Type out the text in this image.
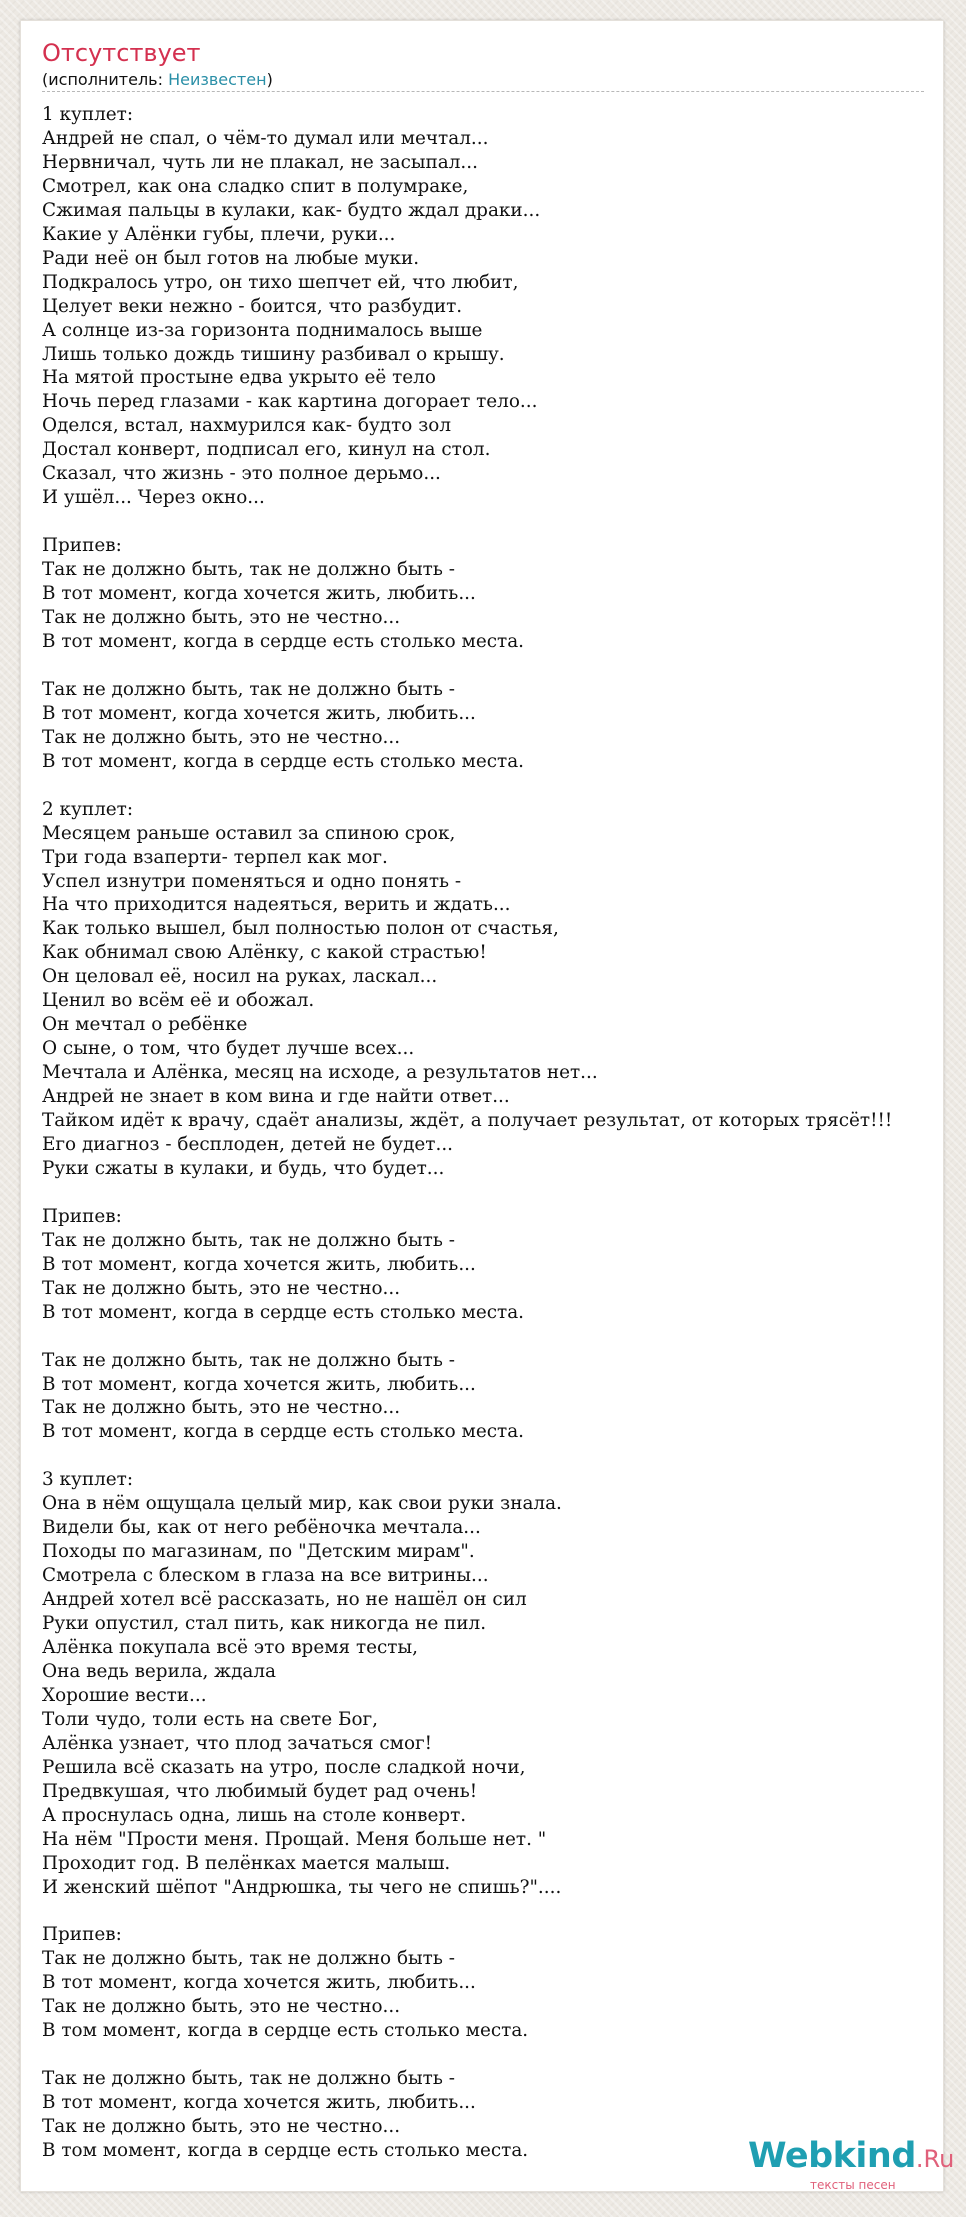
Отсутствует
(исполнитель: Неизвестен)
1 куплет:
Андрей не спал, о чём-то думал или мечтал...
Нервничал, чуть ли не плакал, не засыпал...
Смотрел, как она сладко спит в полумраке,
Сжимая пальцы в кулаки, как- будто ждал драки...
Какие у Алёнки губы, плечи, руки...
Ради неё он был готов на любые муки.
Подкралось утро, он тихо шепчет ей, что любит,
Целует веки нежно - боится, что разбудит.
А солнце из-за горизонта поднималось выше
Лишь только дождь тишину разбивал о крышу.
На мятой простыне едва укрыто её тело
Ночь перед глазами - как картина догорает тело...
Оделся, встал, нахмурился как- будто зол
Достал конверт, подписал его, кинул на стол.
Сказал, что жизнь - это полное дерьмо...
И ушёл... Через окно...

Припев:
Так не должно быть, так не должно быть -
В тот момент, когда хочется жить, любить...
Так не должно быть, это не честно...
В тот момент, когда в сердце есть столько места.

Так не должно быть, так не должно быть -
В тот момент, когда хочется жить, любить...
Так не должно быть, это не честно...
В тот момент, когда в сердце есть столько места.

2 куплет:
Месяцем раньше оставил за спиною срок,
Три года взаперти- терпел как мог.
Успел изнутри поменяться и одно понять -
На что приходится надеяться, верить и ждать...
Как только вышел, был полностью полон от счастья,
Как обнимал свою Алёнку, с какой страстью!
Он целовал её, носил на руках, ласкал...
Ценил во всём её и обожал.
Он мечтал о ребёнке
О сыне, о том, что будет лучше всех...
Мечтала и Алёнка, месяц на исходе, а результатов нет...
Андрей не знает в ком вина и где найти ответ...
Тайком идёт к врачу, сдаёт анализы, ждёт, а получает результат, от которых трясёт!!!
Его диагноз - бесплоден, детей не будет...
Руки сжаты в кулаки, и будь, что будет...

Припев:
Так не должно быть, так не должно быть -
В тот момент, когда хочется жить, любить...
Так не должно быть, это не честно...
В тот момент, когда в сердце есть столько места.

Так не должно быть, так не должно быть -
В тот момент, когда хочется жить, любить...
Так не должно быть, это не честно...
В тот момент, когда в сердце есть столько места.

3 куплет:
Она в нём ощущала целый мир, как свои руки знала.
Видели бы, как от него ребёночка мечтала...
Походы по магазинам, по "Детским мирам".
Смотрела с блеском в глаза на все витрины...
Андрей хотел всё рассказать, но не нашёл он сил
Руки опустил, стал пить, как никогда не пил.
Алёнка покупала всё это время тесты,
Она ведь верила, ждала
Хорошие вести...
Толи чудо, толи есть на свете Бог,
Алёнка узнает, что плод зачаться смог!
Решила всё сказать на утро, после сладкой ночи,
Предвкушая, что любимый будет рад очень!
А проснулась одна, лишь на столе конверт.
На нём "Прости меня. Прощай. Меня больше нет. "
Проходит год. В пелёнках мается малыш.
И женский шёпот "Андрюшка, ты чего не спишь?"....

Припев:
Так не должно быть, так не должно быть -
В тот момент, когда хочется жить, любить...
Так не должно быть, это не честно...
В том момент, когда в сердце есть столько места.

Так не должно быть, так не должно быть -
В тот момент, когда хочется жить, любить...
Так не должно быть, это не честно...
В том момент, когда в сердце есть столько места.	Webkind.Ru
тексты песен
